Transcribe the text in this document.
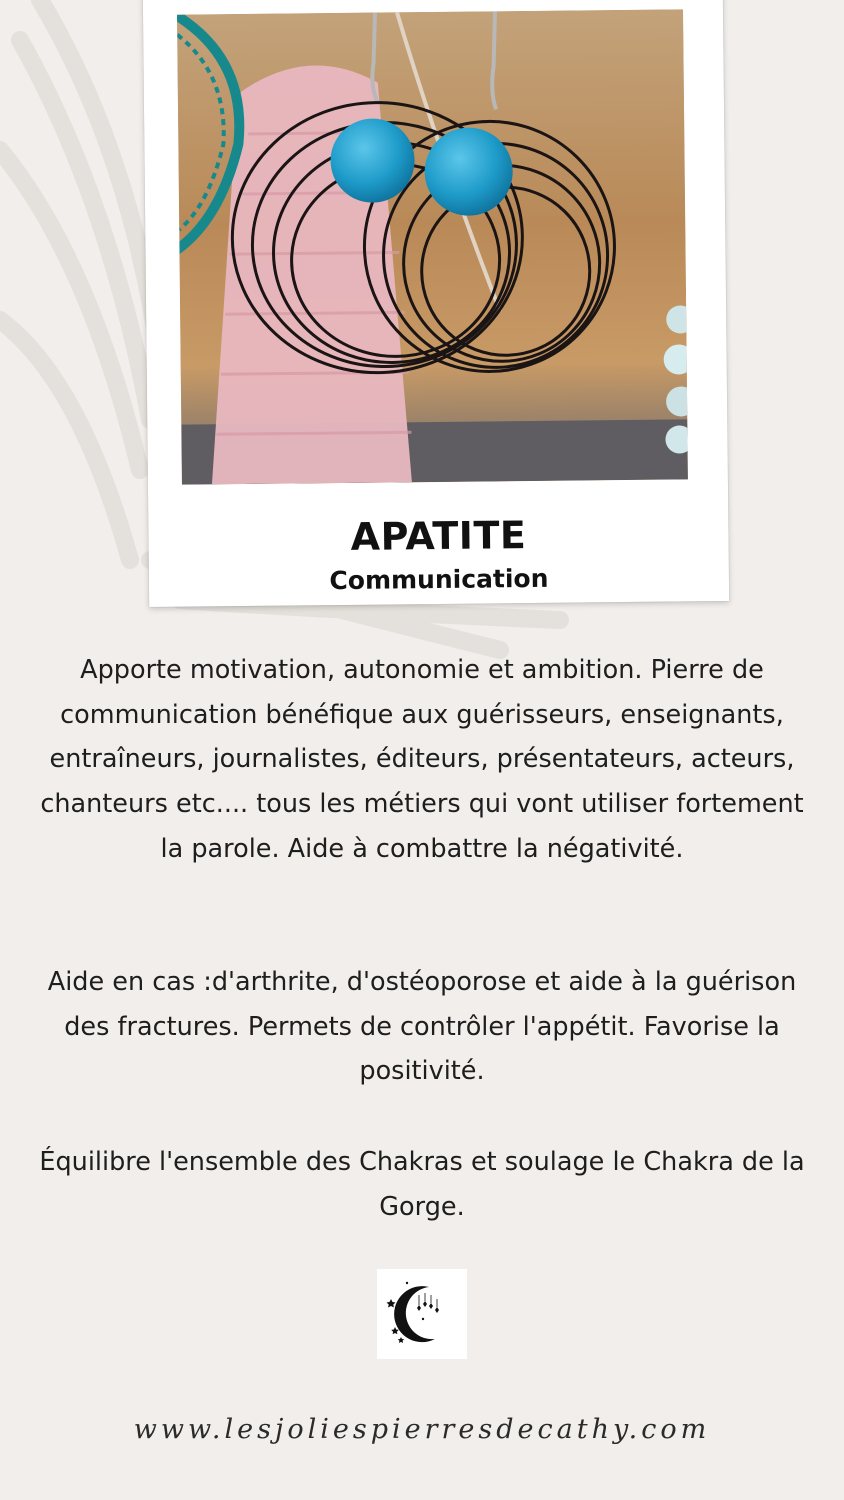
APATITE
Communication
Apporte motivation, autonomie et ambition. Pierre de communication bénéfique aux guérisseurs, enseignants, entraîneurs, journalistes, éditeurs, présentateurs, acteurs, chanteurs etc.... tous les métiers qui vont utiliser fortement la parole. Aide à combattre la négativité.
Aide en cas :d'arthrite, d'ostéoporose et aide à la guérison des fractures. Permets de contrôler l'appétit. Favorise la positivité.
Équilibre l'ensemble des Chakras et soulage le Chakra de la Gorge.
www.lesjoliespierresdecathy.com
